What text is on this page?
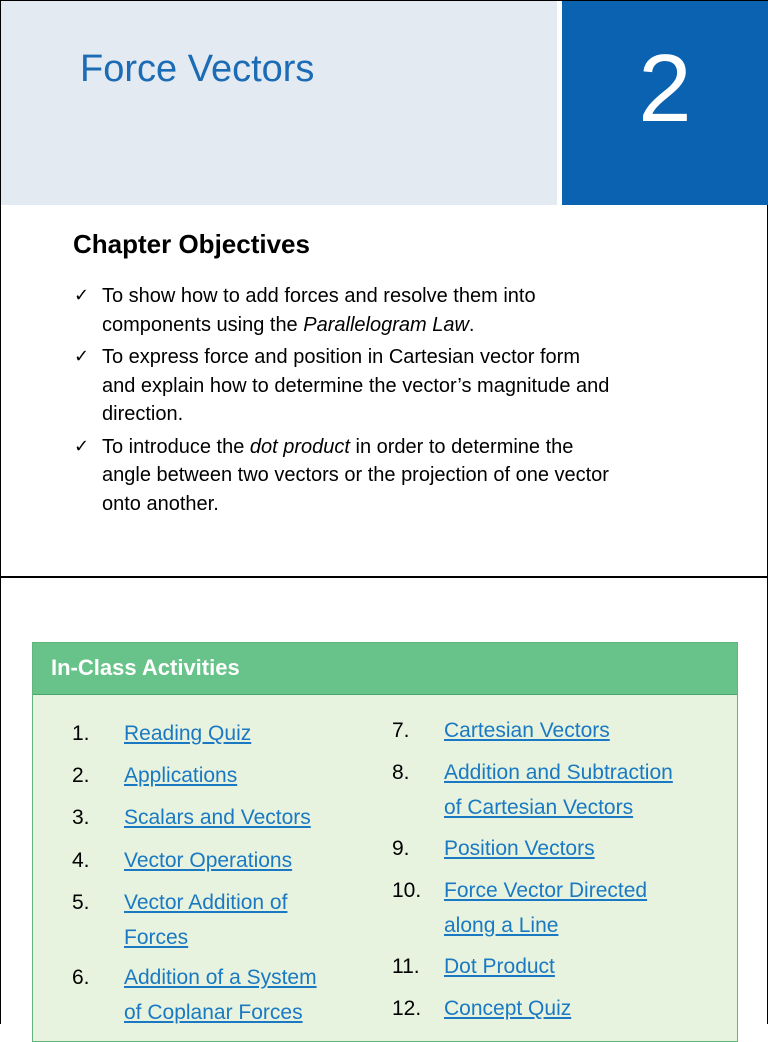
Force Vectors	2
Chapter Objectives
✓ To show how to add forces and resolve them into
components using the Parallelogram Law.
✓ To express force and position in Cartesian vector form
and explain how to determine the vector’s magnitude and
direction.
✓ To introduce the dot product in order to determine the
angle between two vectors or the projection of one vector
onto another.
In-Class Activities
1. Reading Quiz
2. Applications
3. Scalars and Vectors
4. Vector Operations
5. Vector Addition of
Forces
6. Addition of a System
of Coplanar Forces
7. Cartesian Vectors
8. Addition and Subtraction
of Cartesian Vectors
9. Position Vectors
10. Force Vector Directed
along a Line
11. Dot Product
12. Concept Quiz
